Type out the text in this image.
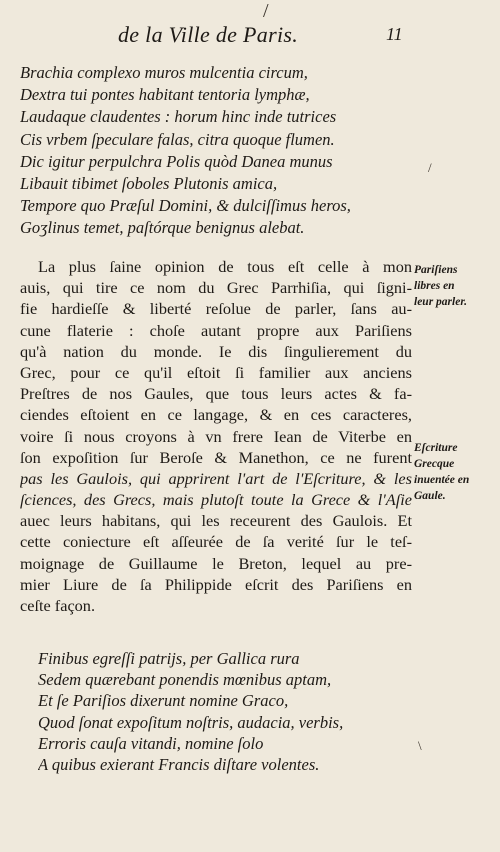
/
de la Ville de Paris.	11
Brachia complexo muros mulcentia circum,
Dextra tui pontes habitant tentoria lymphæ,
Laudaque claudentes : horum hinc inde tutrices
Cis vrbem ſpeculare falas, citra quoque flumen.
Dic igitur perpulchra Polis quòd Danea munus
Libauit tibimet ſoboles Plutonis amica,
Tempore quo Præſul Domini, & dulciſſimus heros,
Goʒlinus temet, paſtórque benignus alebat.
/
La plus ſaine opinion de tous eſt celle à mon
auis, qui tire ce nom du Grec Parrhiſia, qui ſigni-
fie hardieſſe & liberté reſolue de parler, ſans au-
cune flaterie : choſe autant propre aux Pariſiens
qu'à nation du monde. Ie dis ſingulierement du
Grec, pour ce qu'il eſtoit ſi familier aux anciens
Preſtres de nos Gaules, que tous leurs actes & fa-
ciendes eſtoient en ce langage, & en ces caracteres,
voire ſi nous croyons à vn frere Iean de Viterbe en
ſon expoſition ſur Beroſe & Manethon, ce ne furent
pas les Gaulois, qui apprirent l'art de l'Eſcriture, & les
ſciences, des Grecs, mais plutoſt toute la Grece & l'Aſie
auec leurs habitans, qui les receurent des Gaulois. Et
cette coniecture eſt aſſeurée de ſa verité ſur le teſ-
moignage de Guillaume le Breton, lequel au pre-
mier Liure de ſa Philippide eſcrit des Pariſiens en
ceſte façon.
Pariſiens
libres en
leur parler.
Eſcriture
Grecque
inuentée en
Gaule.
Finibus egreſſi patrijs, per Gallica rura
Sedem quærebant ponendis mœnibus aptam,
Et ſe Pariſios dixerunt nomine Graco,
Quod ſonat expoſitum noſtris, audacia, verbis,
Erroris cauſa vitandi, nomine ſolo
A quibus exierant Francis diſtare volentes.
\
